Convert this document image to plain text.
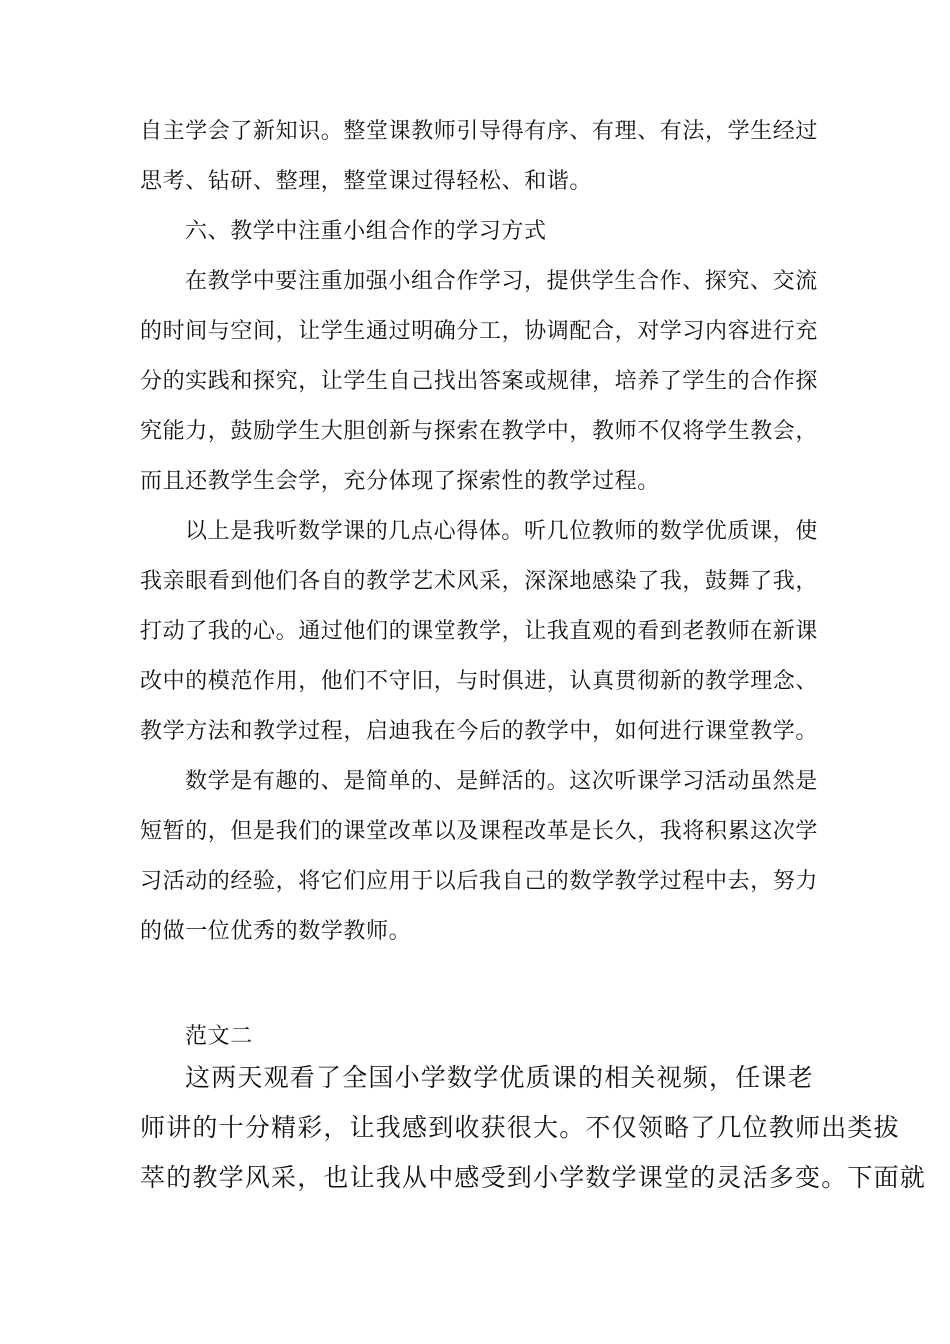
自主学会了新知识。整堂课教师引导得有序、有理、有法，学生经过
思考、钻研、整理，整堂课过得轻松、和谐。
六、教学中注重小组合作的学习方式
在教学中要注重加强小组合作学习，提供学生合作、探究、交流
的时间与空间，让学生通过明确分工，协调配合，对学习内容进行充
分的实践和探究，让学生自己找出答案或规律，培养了学生的合作探
究能力，鼓励学生大胆创新与探索在教学中，教师不仅将学生教会，
而且还教学生会学，充分体现了探索性的教学过程。
以上是我听数学课的几点心得体。听几位教师的数学优质课，使
我亲眼看到他们各自的教学艺术风采，深深地感染了我，鼓舞了我，
打动了我的心。通过他们的课堂教学，让我直观的看到老教师在新课
改中的模范作用，他们不守旧，与时俱进，认真贯彻新的教学理念、
教学方法和教学过程，启迪我在今后的教学中，如何进行课堂教学。
数学是有趣的、是简单的、是鲜活的。这次听课学习活动虽然是
短暂的，但是我们的课堂改革以及课程改革是长久，我将积累这次学
习活动的经验，将它们应用于以后我自己的数学教学过程中去，努力
的做一位优秀的数学教师。
范文二
这两天观看了全国小学数学优质课的相关视频，任课老
师讲的十分精彩，让我感到收获很大。不仅领略了几位教师出类拔
萃的教学风采，也让我从中感受到小学数学课堂的灵活多变。下面就
